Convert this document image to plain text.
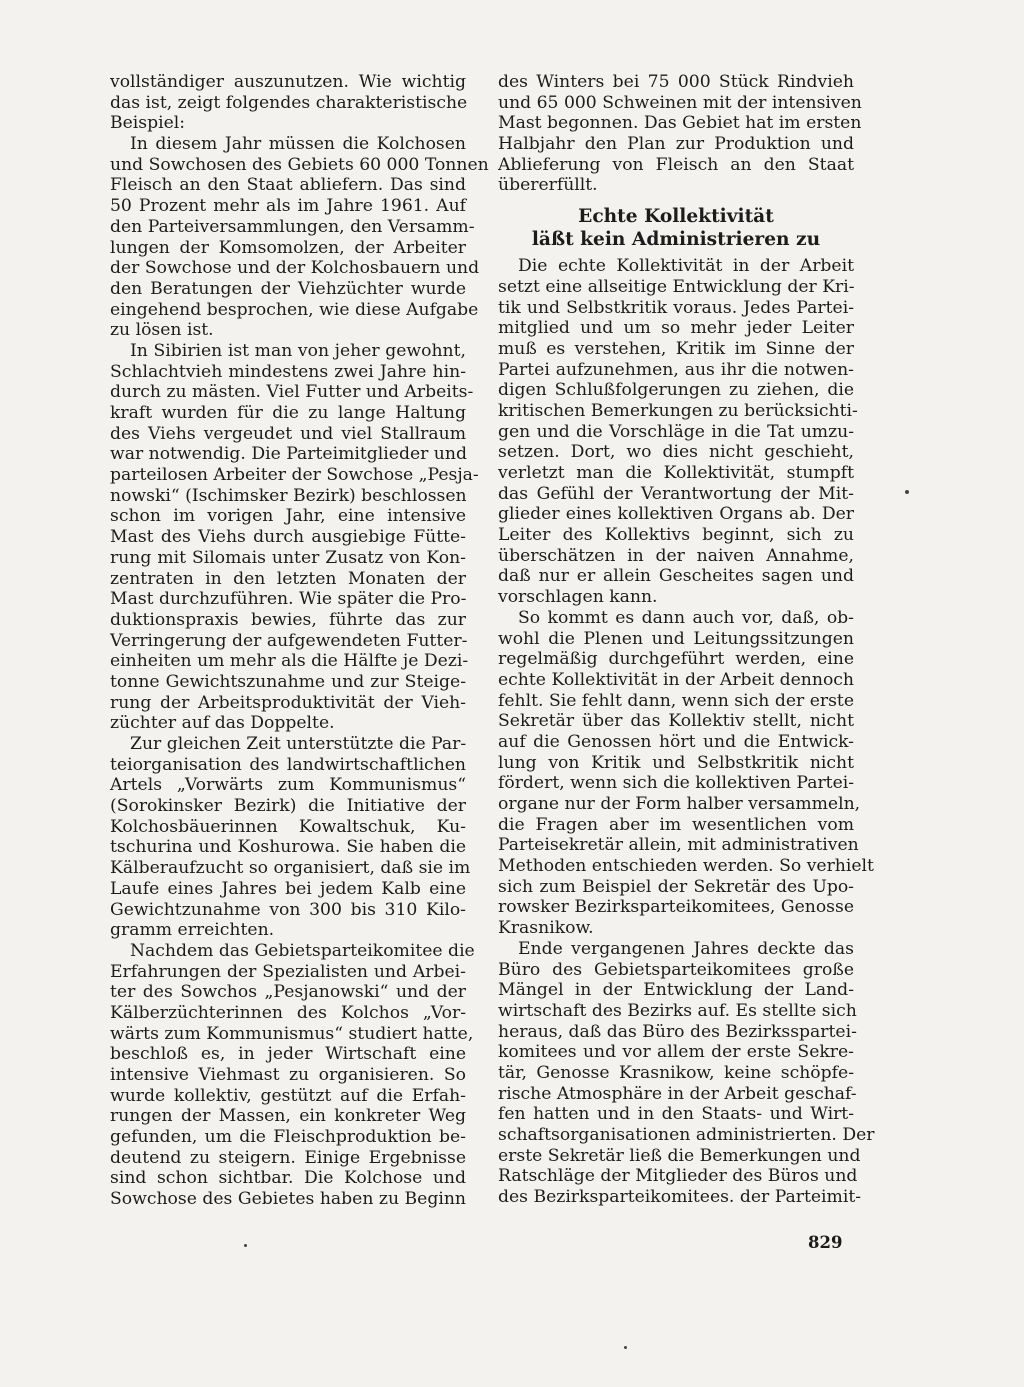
vollständiger auszunutzen. Wie wichtig
das ist, zeigt folgendes charakteristische
Beispiel:
In diesem Jahr müssen die Kolchosen
und Sowchosen des Gebiets 60 000 Tonnen
Fleisch an den Staat abliefern. Das sind
50 Prozent mehr als im Jahre 1961. Auf
den Parteiversammlungen, den Versamm-
lungen der Komsomolzen, der Arbeiter
der Sowchose und der Kolchosbauern und
den Beratungen der Viehzüchter wurde
eingehend besprochen, wie diese Aufgabe
zu lösen ist.
In Sibirien ist man von jeher gewohnt,
Schlachtvieh mindestens zwei Jahre hin-
durch zu mästen. Viel Futter und Arbeits-
kraft wurden für die zu lange Haltung
des Viehs vergeudet und viel Stallraum
war notwendig. Die Parteimitglieder und
parteilosen Arbeiter der Sowchose „Pesja-
nowski“ (Ischimsker Bezirk) beschlossen
schon im vorigen Jahr, eine intensive
Mast des Viehs durch ausgiebige Fütte-
rung mit Silomais unter Zusatz von Kon-
zentraten in den letzten Monaten der
Mast durchzuführen. Wie später die Pro-
duktionspraxis bewies, führte das zur
Verringerung der aufgewendeten Futter-
einheiten um mehr als die Hälfte je Dezi-
tonne Gewichtszunahme und zur Steige-
rung der Arbeitsproduktivität der Vieh-
züchter auf das Doppelte.
Zur gleichen Zeit unterstützte die Par-
teiorganisation des landwirtschaftlichen
Artels „Vorwärts zum Kommunismus“
(Sorokinsker Bezirk) die Initiative der
Kolchosbäuerinnen Kowaltschuk, Ku-
tschurina und Koshurowa. Sie haben die
Kälberaufzucht so organisiert, daß sie im
Laufe eines Jahres bei jedem Kalb eine
Gewichtzunahme von 300 bis 310 Kilo-
gramm erreichten.
Nachdem das Gebietsparteikomitee die
Erfahrungen der Spezialisten und Arbei-
ter des Sowchos „Pesjanowski“ und der
Kälberzüchterinnen des Kolchos „Vor-
wärts zum Kommunismus“ studiert hatte,
beschloß es, in jeder Wirtschaft eine
intensive Viehmast zu organisieren. So
wurde kollektiv, gestützt auf die Erfah-
rungen der Massen, ein konkreter Weg
gefunden, um die Fleischproduktion be-
deutend zu steigern. Einige Ergebnisse
sind schon sichtbar. Die Kolchose und
Sowchose des Gebietes haben zu Beginn
des Winters bei 75 000 Stück Rindvieh
und 65 000 Schweinen mit der intensiven
Mast begonnen. Das Gebiet hat im ersten
Halbjahr den Plan zur Produktion und
Ablieferung von Fleisch an den Staat
übererfüllt.
Echte Kollektivität
läßt kein Administrieren zu
Die echte Kollektivität in der Arbeit
setzt eine allseitige Entwicklung der Kri-
tik und Selbstkritik voraus. Jedes Partei-
mitglied und um so mehr jeder Leiter
muß es verstehen, Kritik im Sinne der
Partei aufzunehmen, aus ihr die notwen-
digen Schlußfolgerungen zu ziehen, die
kritischen Bemerkungen zu berücksichti-
gen und die Vorschläge in die Tat umzu-
setzen. Dort, wo dies nicht geschieht,
verletzt man die Kollektivität, stumpft
das Gefühl der Verantwortung der Mit-
glieder eines kollektiven Organs ab. Der
Leiter des Kollektivs beginnt, sich zu
überschätzen in der naiven Annahme,
daß nur er allein Gescheites sagen und
vorschlagen kann.
So kommt es dann auch vor, daß, ob-
wohl die Plenen und Leitungssitzungen
regelmäßig durchgeführt werden, eine
echte Kollektivität in der Arbeit dennoch
fehlt. Sie fehlt dann, wenn sich der erste
Sekretär über das Kollektiv stellt, nicht
auf die Genossen hört und die Entwick-
lung von Kritik und Selbstkritik nicht
fördert, wenn sich die kollektiven Partei-
organe nur der Form halber versammeln,
die Fragen aber im wesentlichen vom
Parteisekretär allein, mit administrativen
Methoden entschieden werden. So verhielt
sich zum Beispiel der Sekretär des Upo-
rowsker Bezirksparteikomitees, Genosse
Krasnikow.
Ende vergangenen Jahres deckte das
Büro des Gebietsparteikomitees große
Mängel in der Entwicklung der Land-
wirtschaft des Bezirks auf. Es stellte sich
heraus, daß das Büro des Bezirksspartei-
komitees und vor allem der erste Sekre-
tär, Genosse Krasnikow, keine schöpfe-
rische Atmosphäre in der Arbeit geschaf-
fen hatten und in den Staats- und Wirt-
schaftsorganisationen administrierten. Der
erste Sekretär ließ die Bemerkungen und
Ratschläge der Mitglieder des Büros und
des Bezirksparteikomitees. der Parteimit-
829
